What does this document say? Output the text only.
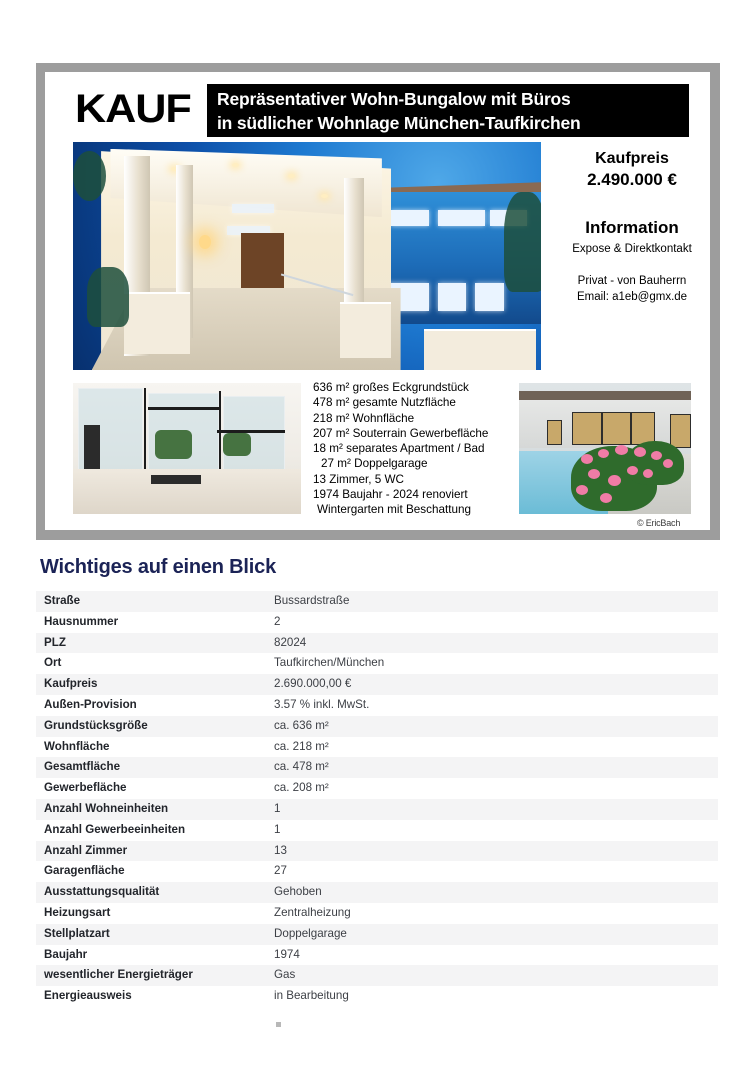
KAUF Repräsentativer Wohn-Bungalow mit Büros
in südlicher Wohnlage München-Taufkirchen
Kaufpreis
2.490.000 €
Information
Expose & Direktkontakt
Privat - von Bauherrn
Email: a1eb@gmx.de
636 m² großes Eckgrundstück
478 m² gesamte Nutzfläche
218 m² Wohnfläche
207 m² Souterrain Gewerbefläche
18 m² separates Apartment / Bad
27 m² Doppelgarage
13 Zimmer, 5 WC
1974 Baujahr - 2024 renoviert
Wintergarten mit Beschattung
© EricBach
Wichtiges auf einen Blick
Straße	Bussardstraße
Hausnummer	2
PLZ	82024
Ort	Taufkirchen/München
Kaufpreis	2.690.000,00 €
Außen-Provision	3.57 % inkl. MwSt.
Grundstücksgröße	ca. 636 m²
Wohnfläche	ca. 218 m²
Gesamtfläche	ca. 478 m²
Gewerbefläche	ca. 208 m²
Anzahl Wohneinheiten	1
Anzahl Gewerbeeinheiten	1
Anzahl Zimmer	13
Garagenfläche	27
Ausstattungsqualität	Gehoben
Heizungsart	Zentralheizung
Stellplatzart	Doppelgarage
Baujahr	1974
wesentlicher Energieträger	Gas
Energieausweis	in Bearbeitung
